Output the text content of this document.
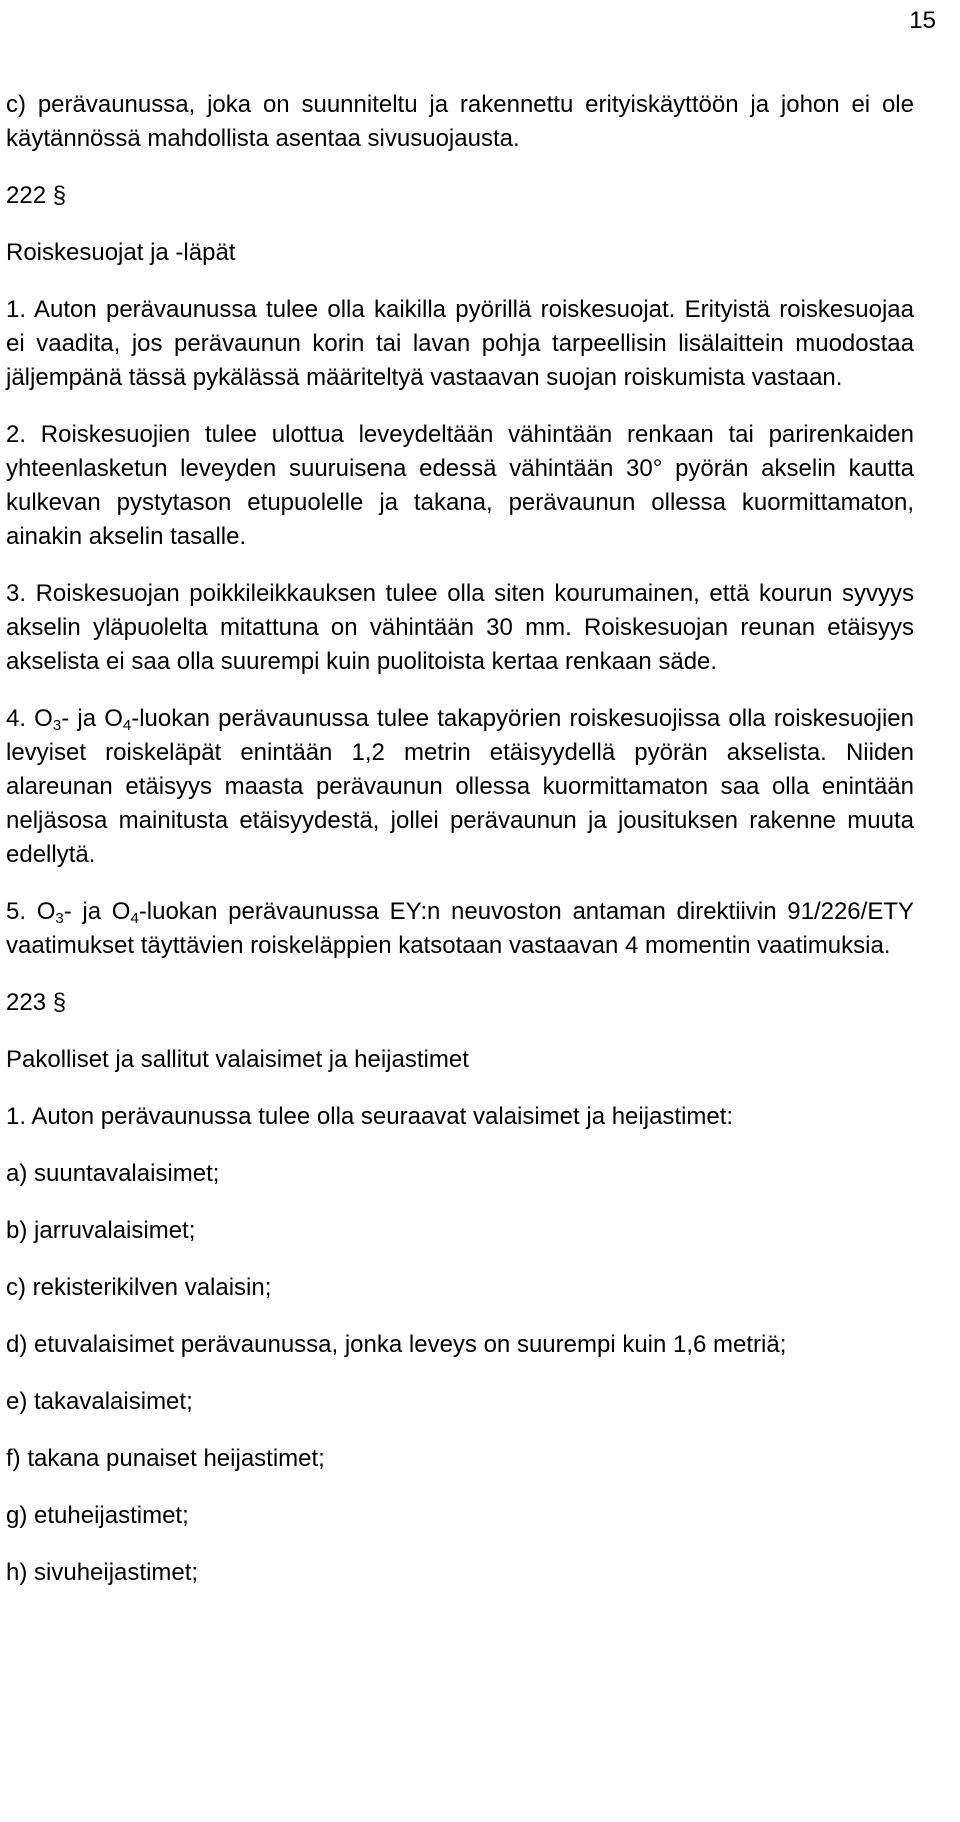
15

c) perävaunussa, joka on suunniteltu ja rakennettu erityiskäyttöön ja johon ei ole käytännössä mahdollista asentaa sivusuojausta.

222 §

Roiskesuojat ja -läpät

1. Auton perävaunussa tulee olla kaikilla pyörillä roiskesuojat. Erityistä roiskesuojaa ei vaadita, jos perävaunun korin tai lavan pohja tarpeellisin lisälaittein muodostaa jäljempänä tässä pykälässä määriteltyä vastaavan suojan roiskumista vastaan.

2. Roiskesuojien tulee ulottua leveydeltään vähintään renkaan tai parirenkaiden yhteenlasketun leveyden suuruisena edessä vähintään 30° pyörän akselin kautta kulkevan pystytason etupuolelle ja takana, perävaunun ollessa kuormittamaton, ainakin akselin tasalle.

3. Roiskesuojan poikkileikkauksen tulee olla siten kourumainen, että kourun syvyys akselin yläpuolelta mitattuna on vähintään 30 mm. Roiskesuojan reunan etäisyys akselista ei saa olla suurempi kuin puolitoista kertaa renkaan säde.

4. $O_3-$ ja $O_4$-luokan perävaunussa tulee takapyörien roiskesuojissa olla roiskesuojien levyiset roiskeläpät enintään 1,2 metrin etäisyydellä pyörän akselista. Niiden alareunan etäisyys maasta perävaunun ollessa kuormittamaton saa olla enintään neljäsosa mainitusta etäisyydestä, jollei perävaunun ja jousituksen rakenne muuta edellytä.

5. $O_3-$ ja $O_4$-luokan perävaunussa EY:n neuvoston antaman direktiivin 91/226/ETY vaatimukset täyttävien roiskeläppien katsotaan vastaavan 4 momentin vaatimuksia.

223 §

Pakolliset ja sallitut valaisimet ja heijastimet

1. Auton perävaunussa tulee olla seuraavat valaisimet ja heijastimet:

a) suuntavalaisimet;

b) jarruvalaisimet;

c) rekisterikilven valaisin;

d) etuvalaisimet perävaunussa, jonka leveys on suurempi kuin 1,6 metriä;

e) takavalaisimet;

f) takana punaiset heijastimet;

g) etuheijastimet;

h) sivuheijastimet;
